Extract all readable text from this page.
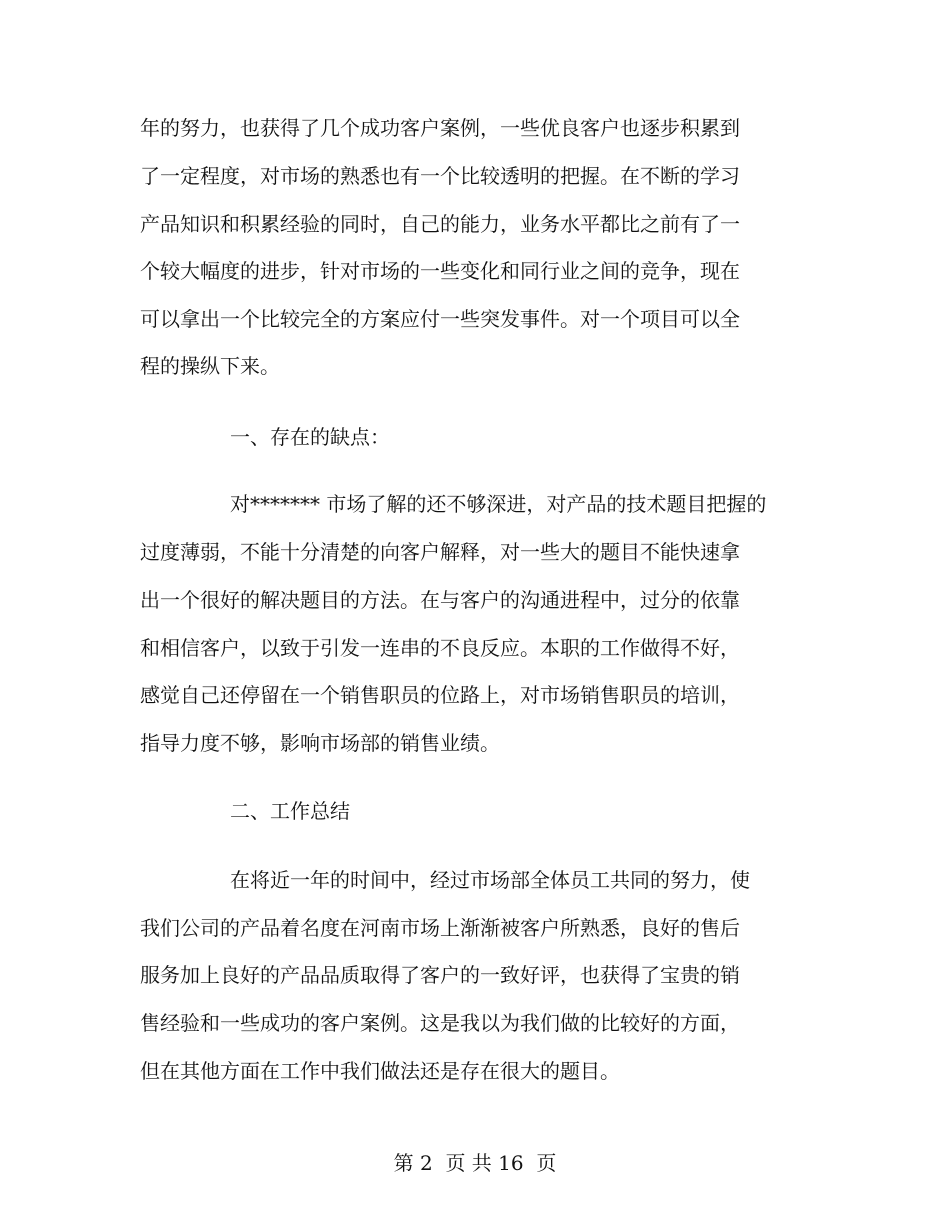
年的努力，也获得了几个成功客户案例，一些优良客户也逐步积累到
了一定程度，对市场的熟悉也有一个比较透明的把握。在不断的学习
产品知识和积累经验的同时，自己的能力，业务水平都比之前有了一
个较大幅度的进步，针对市场的一些变化和同行业之间的竞争，现在
可以拿出一个比较完全的方案应付一些突发事件。对一个项目可以全
程的操纵下来。
一、存在的缺点：
对******* 市场了解的还不够深进，对产品的技术题目把握的
过度薄弱，不能十分清楚的向客户解释，对一些大的题目不能快速拿
出一个很好的解决题目的方法。在与客户的沟通进程中，过分的依靠
和相信客户，以致于引发一连串的不良反应。本职的工作做得不好，
感觉自己还停留在一个销售职员的位路上，对市场销售职员的培训，
指导力度不够，影响市场部的销售业绩。
二、工作总结
在将近一年的时间中，经过市场部全体员工共同的努力，使
我们公司的产品着名度在河南市场上渐渐被客户所熟悉，良好的售后
服务加上良好的产品品质取得了客户的一致好评，也获得了宝贵的销
售经验和一些成功的客户案例。这是我以为我们做的比较好的方面，
但在其他方面在工作中我们做法还是存在很大的题目。
第 2  页 共 16  页
